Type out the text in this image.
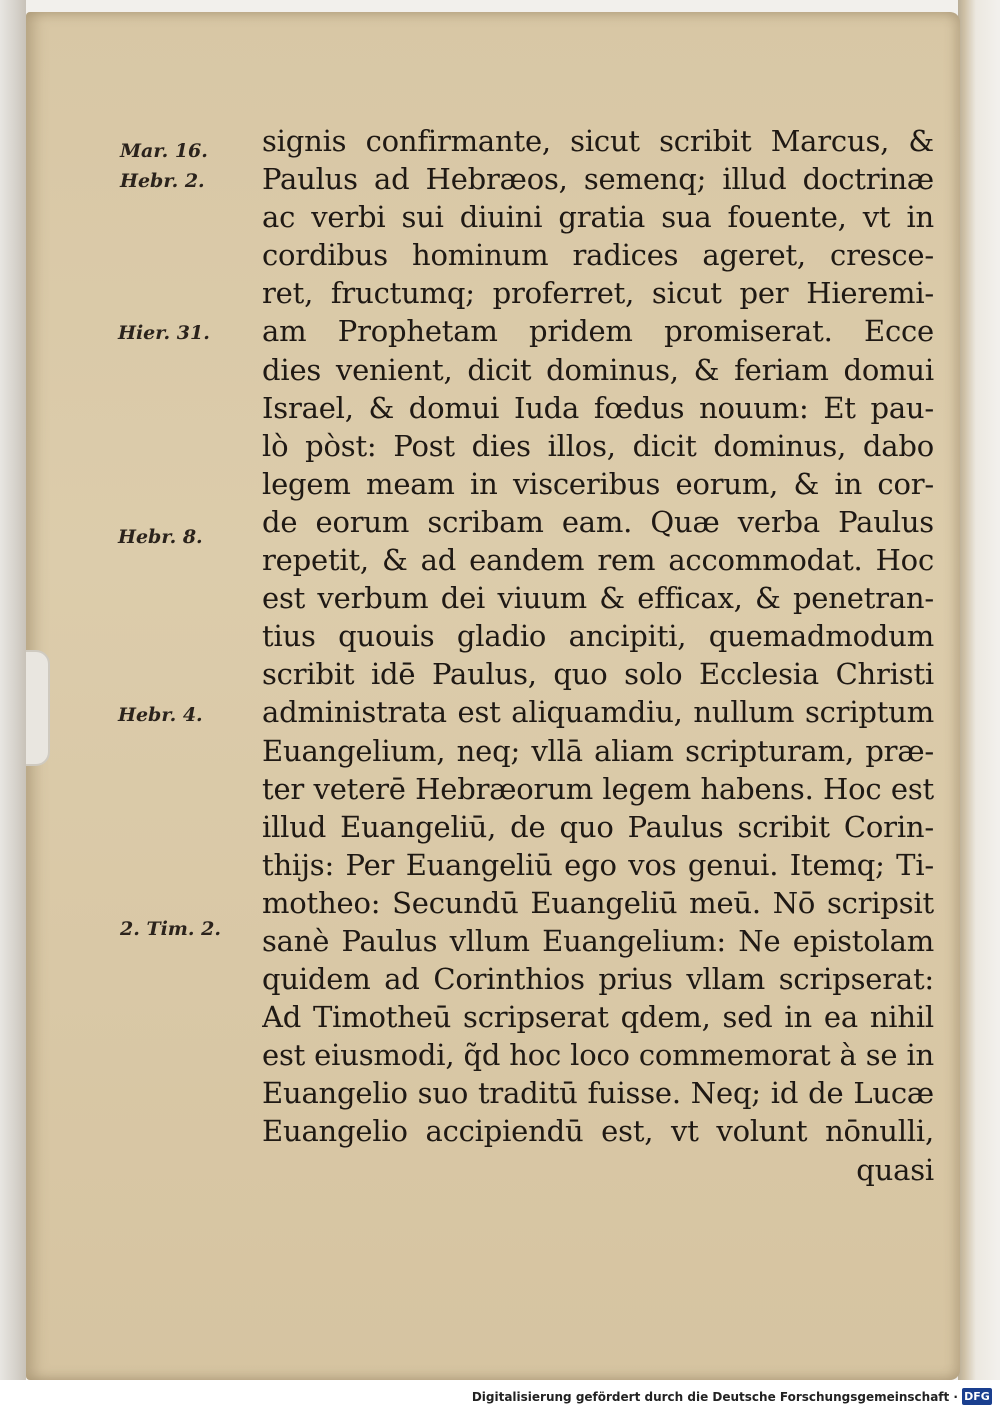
Mar. 16.
Hebr. 2.
Hier. 31.
Hebr. 8.
Hebr. 4.
2. Tim. 2.
signis confirmante, sicut scribit Marcus, &
Paulus ad Hebræos, semenq; illud doctrinæ
ac verbi sui diuini gratia sua fouente, vt in
cordibus hominum radices ageret, cresce-
ret, fructumq; proferret, sicut per Hieremi-
am Prophetam pridem promiserat. Ecce
dies venient, dicit dominus, & feriam domui
Israel, & domui Iuda fœdus nouum: Et pau-
lò pòst: Post dies illos, dicit dominus, dabo
legem meam in visceribus eorum, & in cor-
de eorum scribam eam. Quæ verba Paulus
repetit, & ad eandem rem accommodat. Hoc
est verbum dei viuum & efficax, & penetran-
tius quouis gladio ancipiti, quemadmodum
scribit idē Paulus, quo solo Ecclesia Christi
administrata est aliquamdiu, nullum scriptum
Euangelium, neq; vllā aliam scripturam, præ-
ter veterē Hebræorum legem habens. Hoc est
illud Euangeliū, de quo Paulus scribit Corin-
thijs: Per Euangeliū ego vos genui. Itemq; Ti-
motheo: Secundū Euangeliū meū. Nō scripsit
sanè Paulus vllum Euangelium: Ne epistolam
quidem ad Corinthios prius vllam scripserat:
Ad Timotheū scripserat qdem, sed in ea nihil
est eiusmodi, q̃d hoc loco commemorat à se in
Euangelio suo traditū fuisse. Neq; id de Lucæ
Euangelio accipiendū est, vt volunt nōnulli,
quasi
Digitalisierung gefördert durch die Deutsche Forschungsgemeinschaft · DFG
